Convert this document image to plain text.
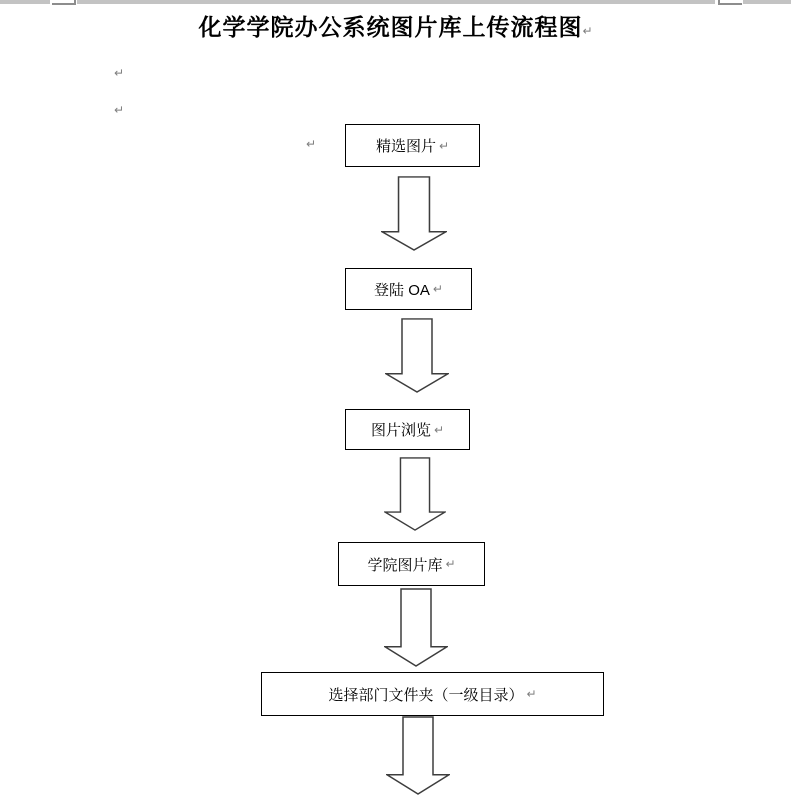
化学学院办公系统图片库上传流程图↵
↵
↵
↵	精选图片 ↵
登陆 OA ↵
图片浏览 ↵
学院图片库 ↵
选择部门文件夹（一级目录） ↵
